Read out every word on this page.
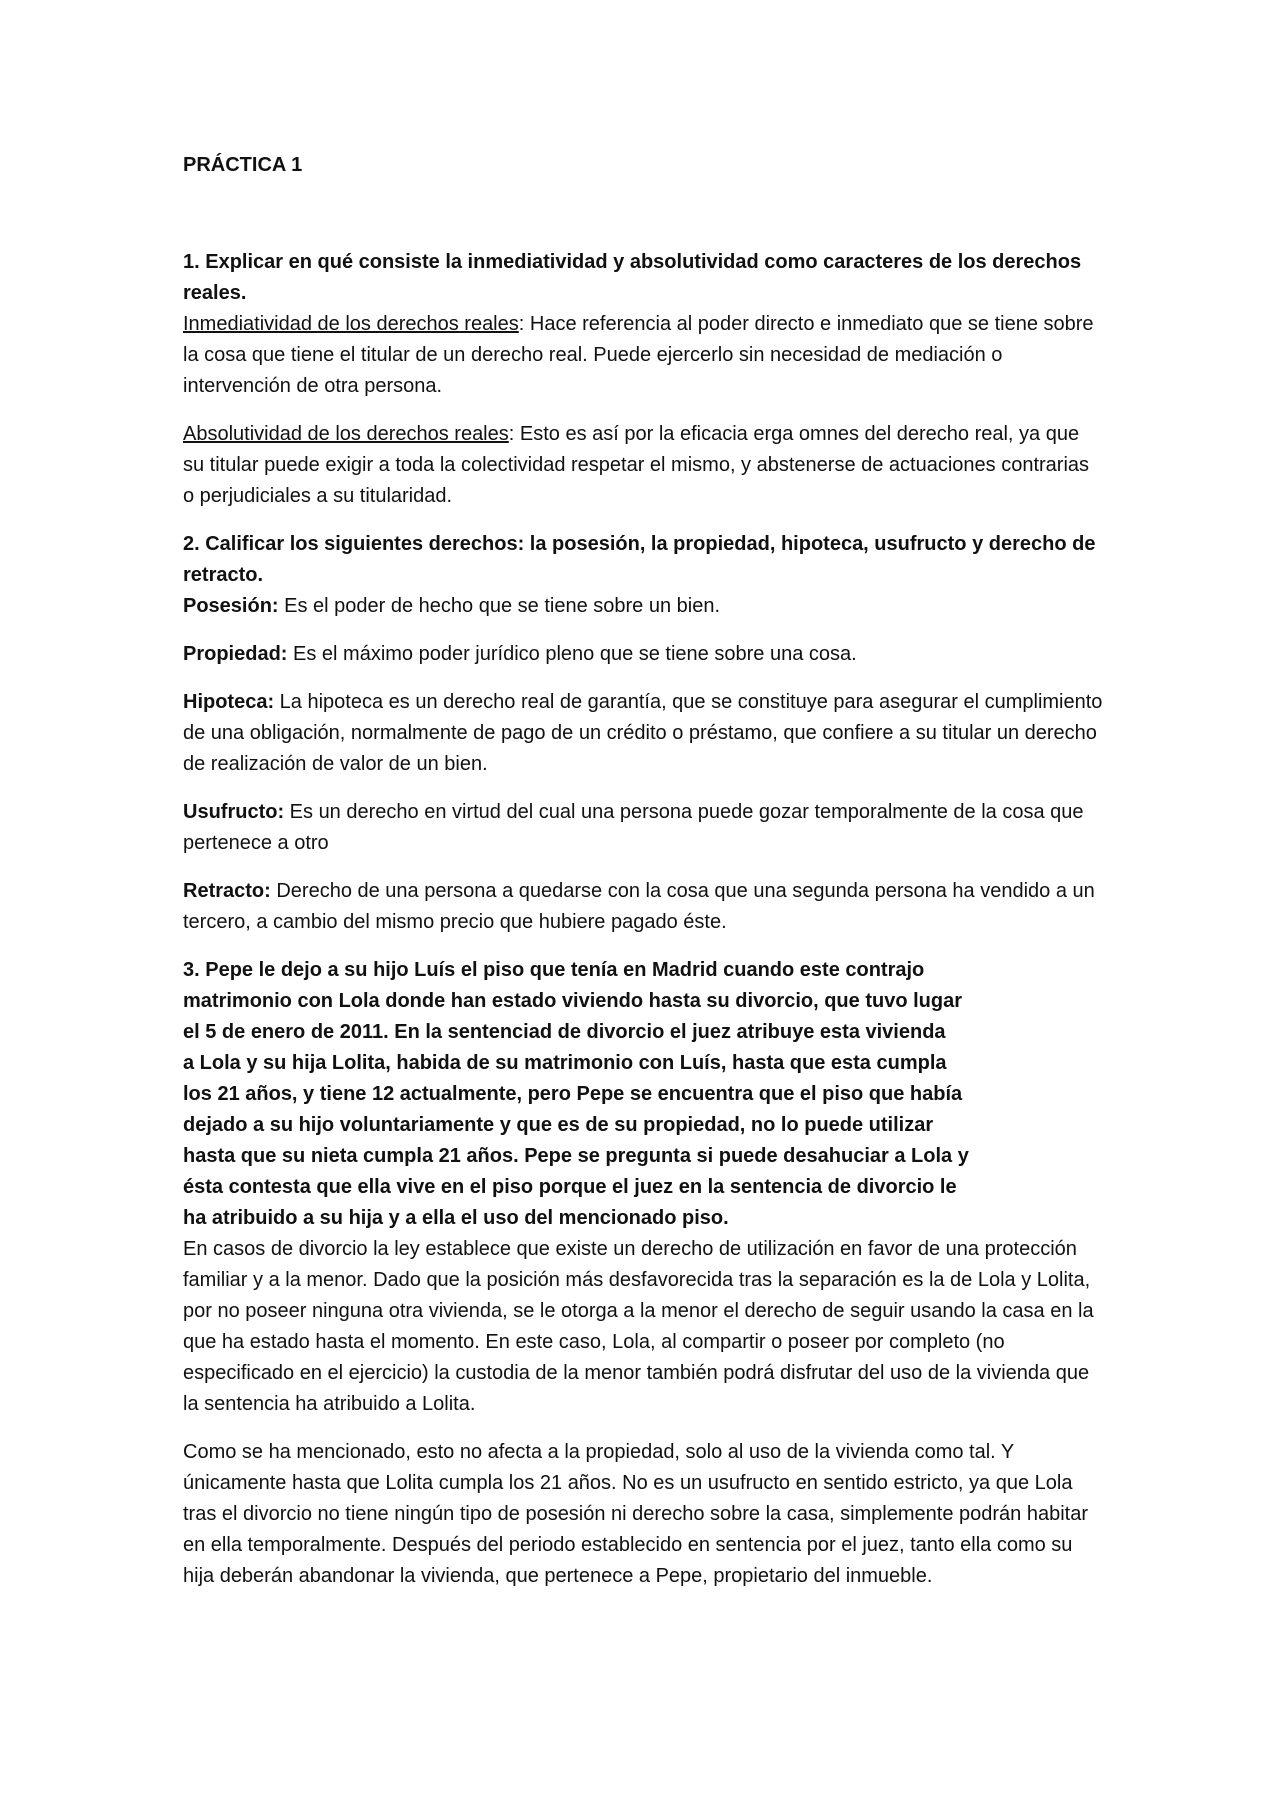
PRÁCTICA 1

1. Explicar en qué consiste la inmediatividad y absolutividad como caracteres de los derechos reales.

Inmediatividad de los derechos reales: Hace referencia al poder directo e inmediato que se tiene sobre la cosa que tiene el titular de un derecho real. Puede ejercerlo sin necesidad de mediación o intervención de otra persona.

Absolutividad de los derechos reales: Esto es así por la eficacia erga omnes del derecho real, ya que su titular puede exigir a toda la colectividad respetar el mismo, y abstenerse de actuaciones contrarias o perjudiciales a su titularidad.

2. Calificar los siguientes derechos: la posesión, la propiedad, hipoteca, usufructo y derecho de retracto.

Posesión: Es el poder de hecho que se tiene sobre un bien.

Propiedad: Es el máximo poder jurídico pleno que se tiene sobre una cosa.

Hipoteca: La hipoteca es un derecho real de garantía, que se constituye para asegurar el cumplimiento de una obligación, normalmente de pago de un crédito o préstamo, que confiere a su titular un derecho de realización de valor de un bien.

Usufructo: Es un derecho en virtud del cual una persona puede gozar temporalmente de la cosa que pertenece a otro

Retracto: Derecho de una persona a quedarse con la cosa que una segunda persona ha vendido a un tercero, a cambio del mismo precio que hubiere pagado éste.

3. Pepe le dejo a su hijo Luís el piso que tenía en Madrid cuando este contrajo
matrimonio con Lola donde han estado viviendo hasta su divorcio, que tuvo lugar
el 5 de enero de 2011. En la sentenciad de divorcio el juez atribuye esta vivienda
a Lola y su hija Lolita, habida de su matrimonio con Luís, hasta que esta cumpla
los 21 años, y tiene 12 actualmente, pero Pepe se encuentra que el piso que había
dejado a su hijo voluntariamente y que es de su propiedad, no lo puede utilizar
hasta que su nieta cumpla 21 años. Pepe se pregunta si puede desahuciar a Lola y
ésta contesta que ella vive en el piso porque el juez en la sentencia de divorcio le
ha atribuido a su hija y a ella el uso del mencionado piso.

En casos de divorcio la ley establece que existe un derecho de utilización en favor de una protección familiar y a la menor. Dado que la posición más desfavorecida tras la separación es la de Lola y Lolita, por no poseer ninguna otra vivienda, se le otorga a la menor el derecho de seguir usando la casa en la que ha estado hasta el momento. En este caso, Lola, al compartir o poseer por completo (no especificado en el ejercicio) la custodia de la menor también podrá disfrutar del uso de la vivienda que la sentencia ha atribuido a Lolita.

Como se ha mencionado, esto no afecta a la propiedad, solo al uso de la vivienda como tal. Y únicamente hasta que Lolita cumpla los 21 años. No es un usufructo en sentido estricto, ya que Lola tras el divorcio no tiene ningún tipo de posesión ni derecho sobre la casa, simplemente podrán habitar en ella temporalmente. Después del periodo establecido en sentencia por el juez, tanto ella como su hija deberán abandonar la vivienda, que pertenece a Pepe, propietario del inmueble.
